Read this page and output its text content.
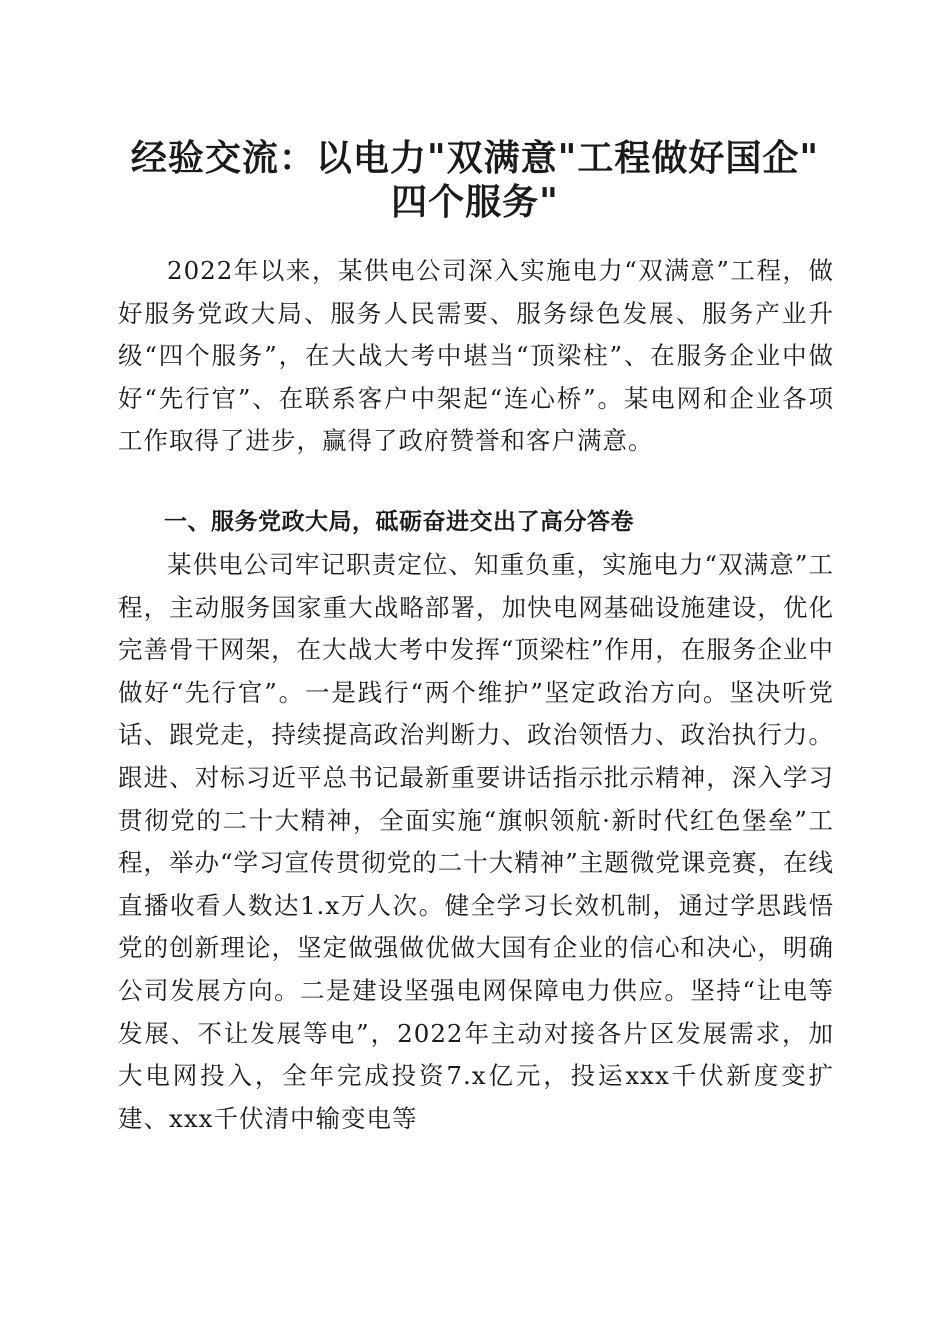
经验交流：以电力"双满意"工程做好国企"
四个服务"

2022年以来，某供电公司深入实施电力“双满意”工程，做好服务党政大局、服务人民需要、服务绿色发展、服务产业升级“四个服务”，在大战大考中堪当“顶梁柱”、在服务企业中做好“先行官”、在联系客户中架起“连心桥”。某电网和企业各项工作取得了进步，赢得了政府赞誉和客户满意。

一、服务党政大局，砥砺奋进交出了高分答卷

某供电公司牢记职责定位、知重负重，实施电力“双满意”工程，主动服务国家重大战略部署，加快电网基础设施建设，优化完善骨干网架，在大战大考中发挥“顶梁柱”作用，在服务企业中做好“先行官”。一是践行“两个维护”坚定政治方向。坚决听党话、跟党走，持续提高政治判断力、政治领悟力、政治执行力。跟进、对标习近平总书记最新重要讲话指示批示精神，深入学习贯彻党的二十大精神，全面实施“旗帜领航·新时代红色堡垒”工程，举办“学习宣传贯彻党的二十大精神”主题微党课竞赛，在线直播收看人数达1.x万人次。健全学习长效机制，通过学思践悟党的创新理论，坚定做强做优做大国有企业的信心和决心，明确公司发展方向。二是建设坚强电网保障电力供应。坚持“让电等发展、不让发展等电”，2022年主动对接各片区发展需求，加大电网投入，全年完成投资7.x亿元，投运xxx千伏新度变扩建、xxx千伏清中输变电等
